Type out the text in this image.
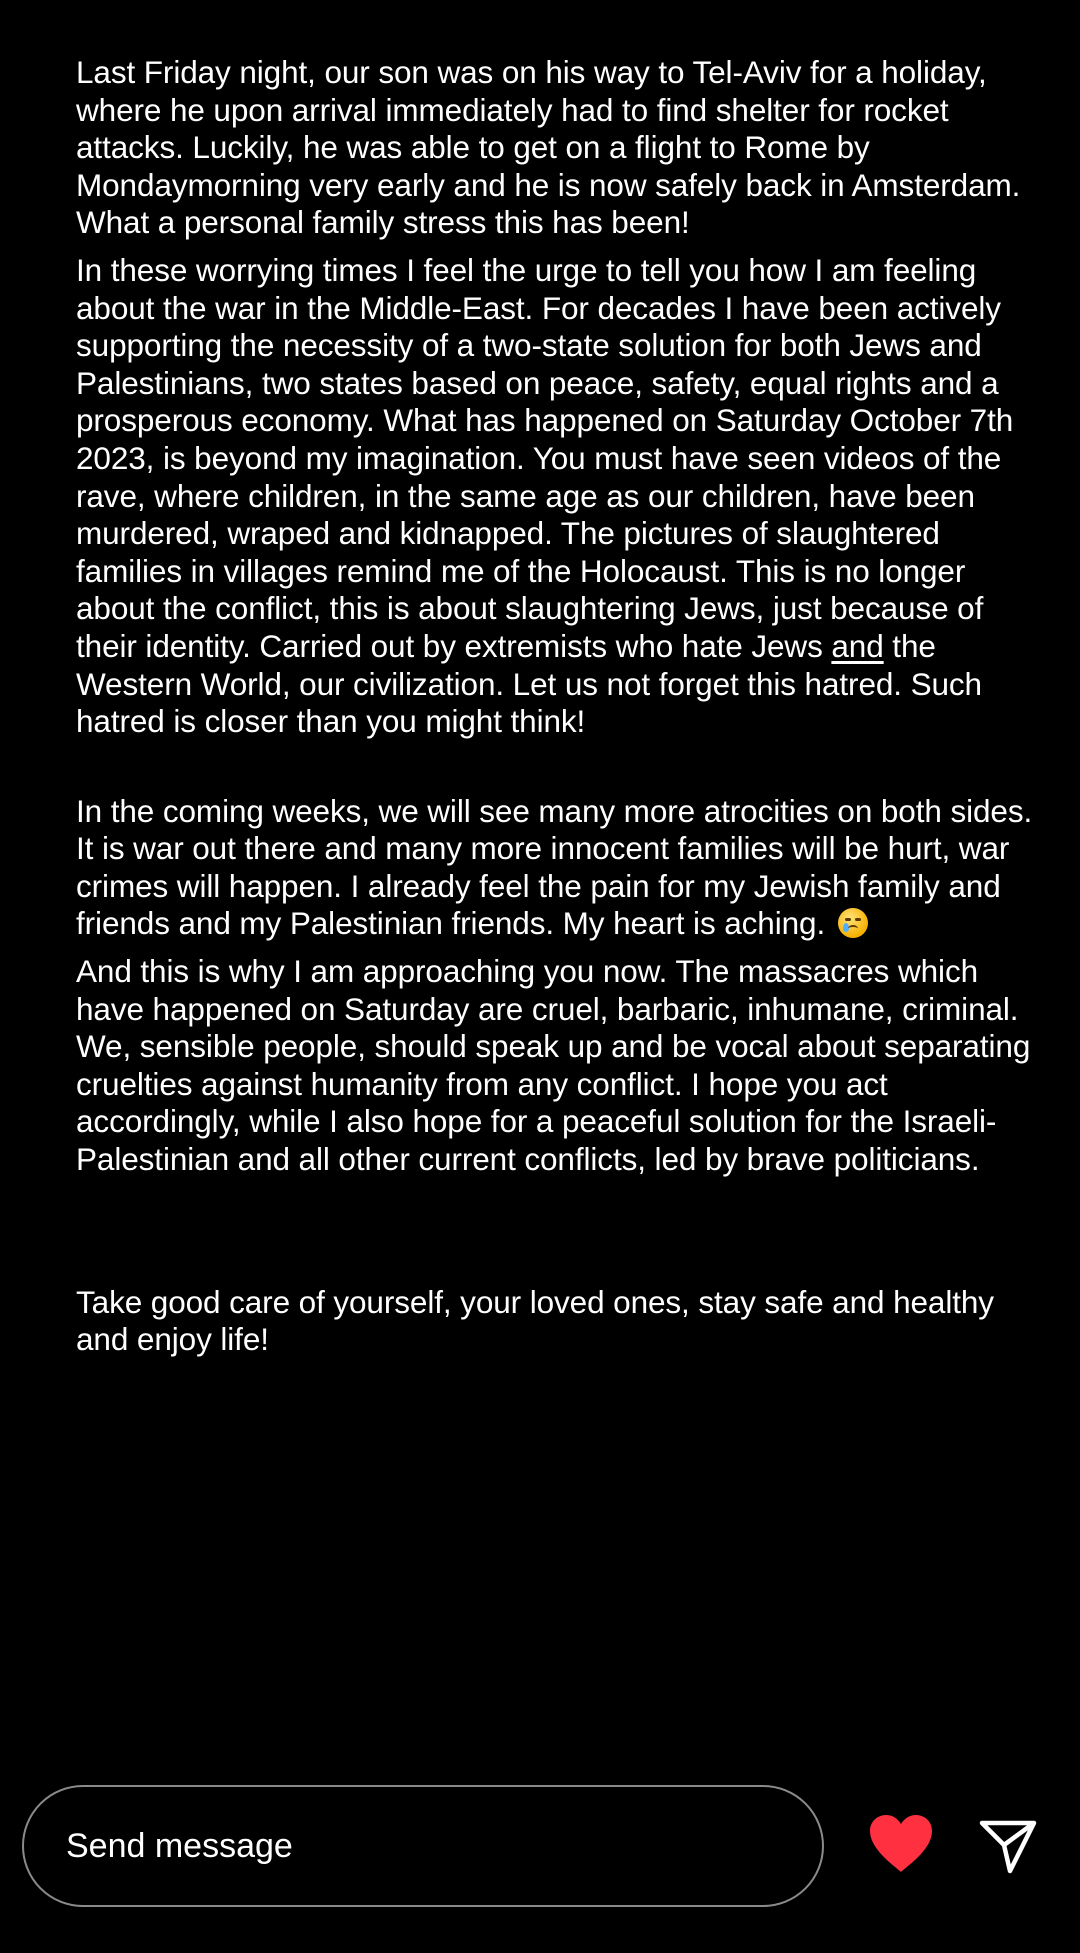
Last Friday night, our son was on his way to Tel-Aviv for a holiday, where he upon arrival immediately had to find shelter for rocket attacks. Luckily, he was able to get on a flight to Rome by Mondaymorning very early and he is now safely back in Amsterdam. What a personal family stress this has been!

In these worrying times I feel the urge to tell you how I am feeling about the war in the Middle-East. For decades I have been actively supporting the necessity of a two-state solution for both Jews and Palestinians, two states based on peace, safety, equal rights and a prosperous economy. What has happened on Saturday October 7th 2023, is beyond my imagination. You must have seen videos of the rave, where children, in the same age as our children, have been murdered, wraped and kidnapped. The pictures of slaughtered families in villages remind me of the Holocaust. This is no longer about the conflict, this is about slaughtering Jews, just because of their identity. Carried out by extremists who hate Jews and the Western World, our civilization. Let us not forget this hatred. Such hatred is closer than you might think!

In the coming weeks, we will see many more atrocities on both sides. It is war out there and many more innocent families will be hurt, war crimes will happen. I already feel the pain for my Jewish family and friends and my Palestinian friends. My heart is aching.

And this is why I am approaching you now. The massacres which have happened on Saturday are cruel, barbaric, inhumane, criminal. We, sensible people, should speak up and be vocal about separating cruelties against humanity from any conflict. I hope you act accordingly, while I also hope for a peaceful solution for the Israeli-Palestinian and all other current conflicts, led by brave politicians.

Take good care of yourself, your loved ones, stay safe and healthy and enjoy life!

Send message
